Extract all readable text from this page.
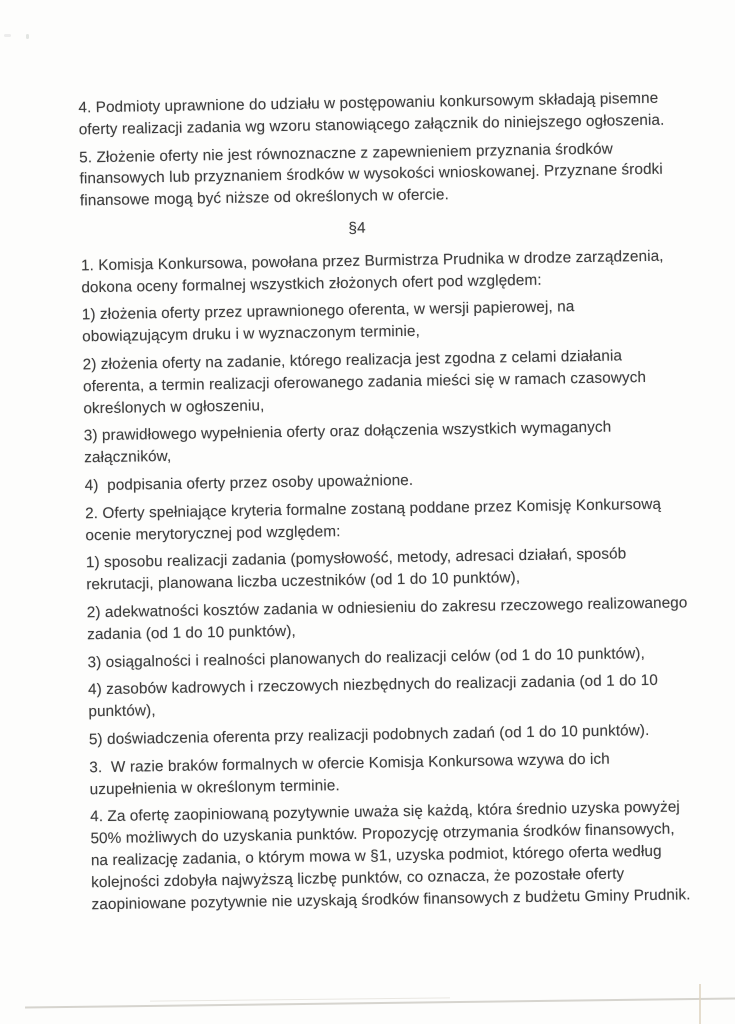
4. Podmioty uprawnione do udziału w postępowaniu konkursowym składają pisemne
oferty realizacji zadania wg wzoru stanowiącego załącznik do niniejszego ogłoszenia.

5. Złożenie oferty nie jest równoznaczne z zapewnieniem przyznania środków
finansowych lub przyznaniem środków w wysokości wnioskowanej. Przyznane środki
finansowe mogą być niższe od określonych w ofercie.

§4

1. Komisja Konkursowa, powołana przez Burmistrza Prudnika w drodze zarządzenia,
dokona oceny formalnej wszystkich złożonych ofert pod względem:

1) złożenia oferty przez uprawnionego oferenta, w wersji papierowej, na
obowiązującym druku i w wyznaczonym terminie,

2) złożenia oferty na zadanie, którego realizacja jest zgodna z celami działania
oferenta, a termin realizacji oferowanego zadania mieści się w ramach czasowych
określonych w ogłoszeniu,

3) prawidłowego wypełnienia oferty oraz dołączenia wszystkich wymaganych
załączników,

4)  podpisania oferty przez osoby upoważnione.

2. Oferty spełniające kryteria formalne zostaną poddane przez Komisję Konkursową
ocenie merytorycznej pod względem:

1) sposobu realizacji zadania (pomysłowość, metody, adresaci działań, sposób
rekrutacji, planowana liczba uczestników (od 1 do 10 punktów),

2) adekwatności kosztów zadania w odniesieniu do zakresu rzeczowego realizowanego
zadania (od 1 do 10 punktów),

3) osiągalności i realności planowanych do realizacji celów (od 1 do 10 punktów),

4) zasobów kadrowych i rzeczowych niezbędnych do realizacji zadania (od 1 do 10
punktów),

5) doświadczenia oferenta przy realizacji podobnych zadań (od 1 do 10 punktów).

3.  W razie braków formalnych w ofercie Komisja Konkursowa wzywa do ich
uzupełnienia w określonym terminie.

4. Za ofertę zaopiniowaną pozytywnie uważa się każdą, która średnio uzyska powyżej
50% możliwych do uzyskania punktów. Propozycję otrzymania środków finansowych,
na realizację zadania, o którym mowa w §1, uzyska podmiot, którego oferta według
kolejności zdobyła najwyższą liczbę punktów, co oznacza, że pozostałe oferty
zaopiniowane pozytywnie nie uzyskają środków finansowych z budżetu Gminy Prudnik.
